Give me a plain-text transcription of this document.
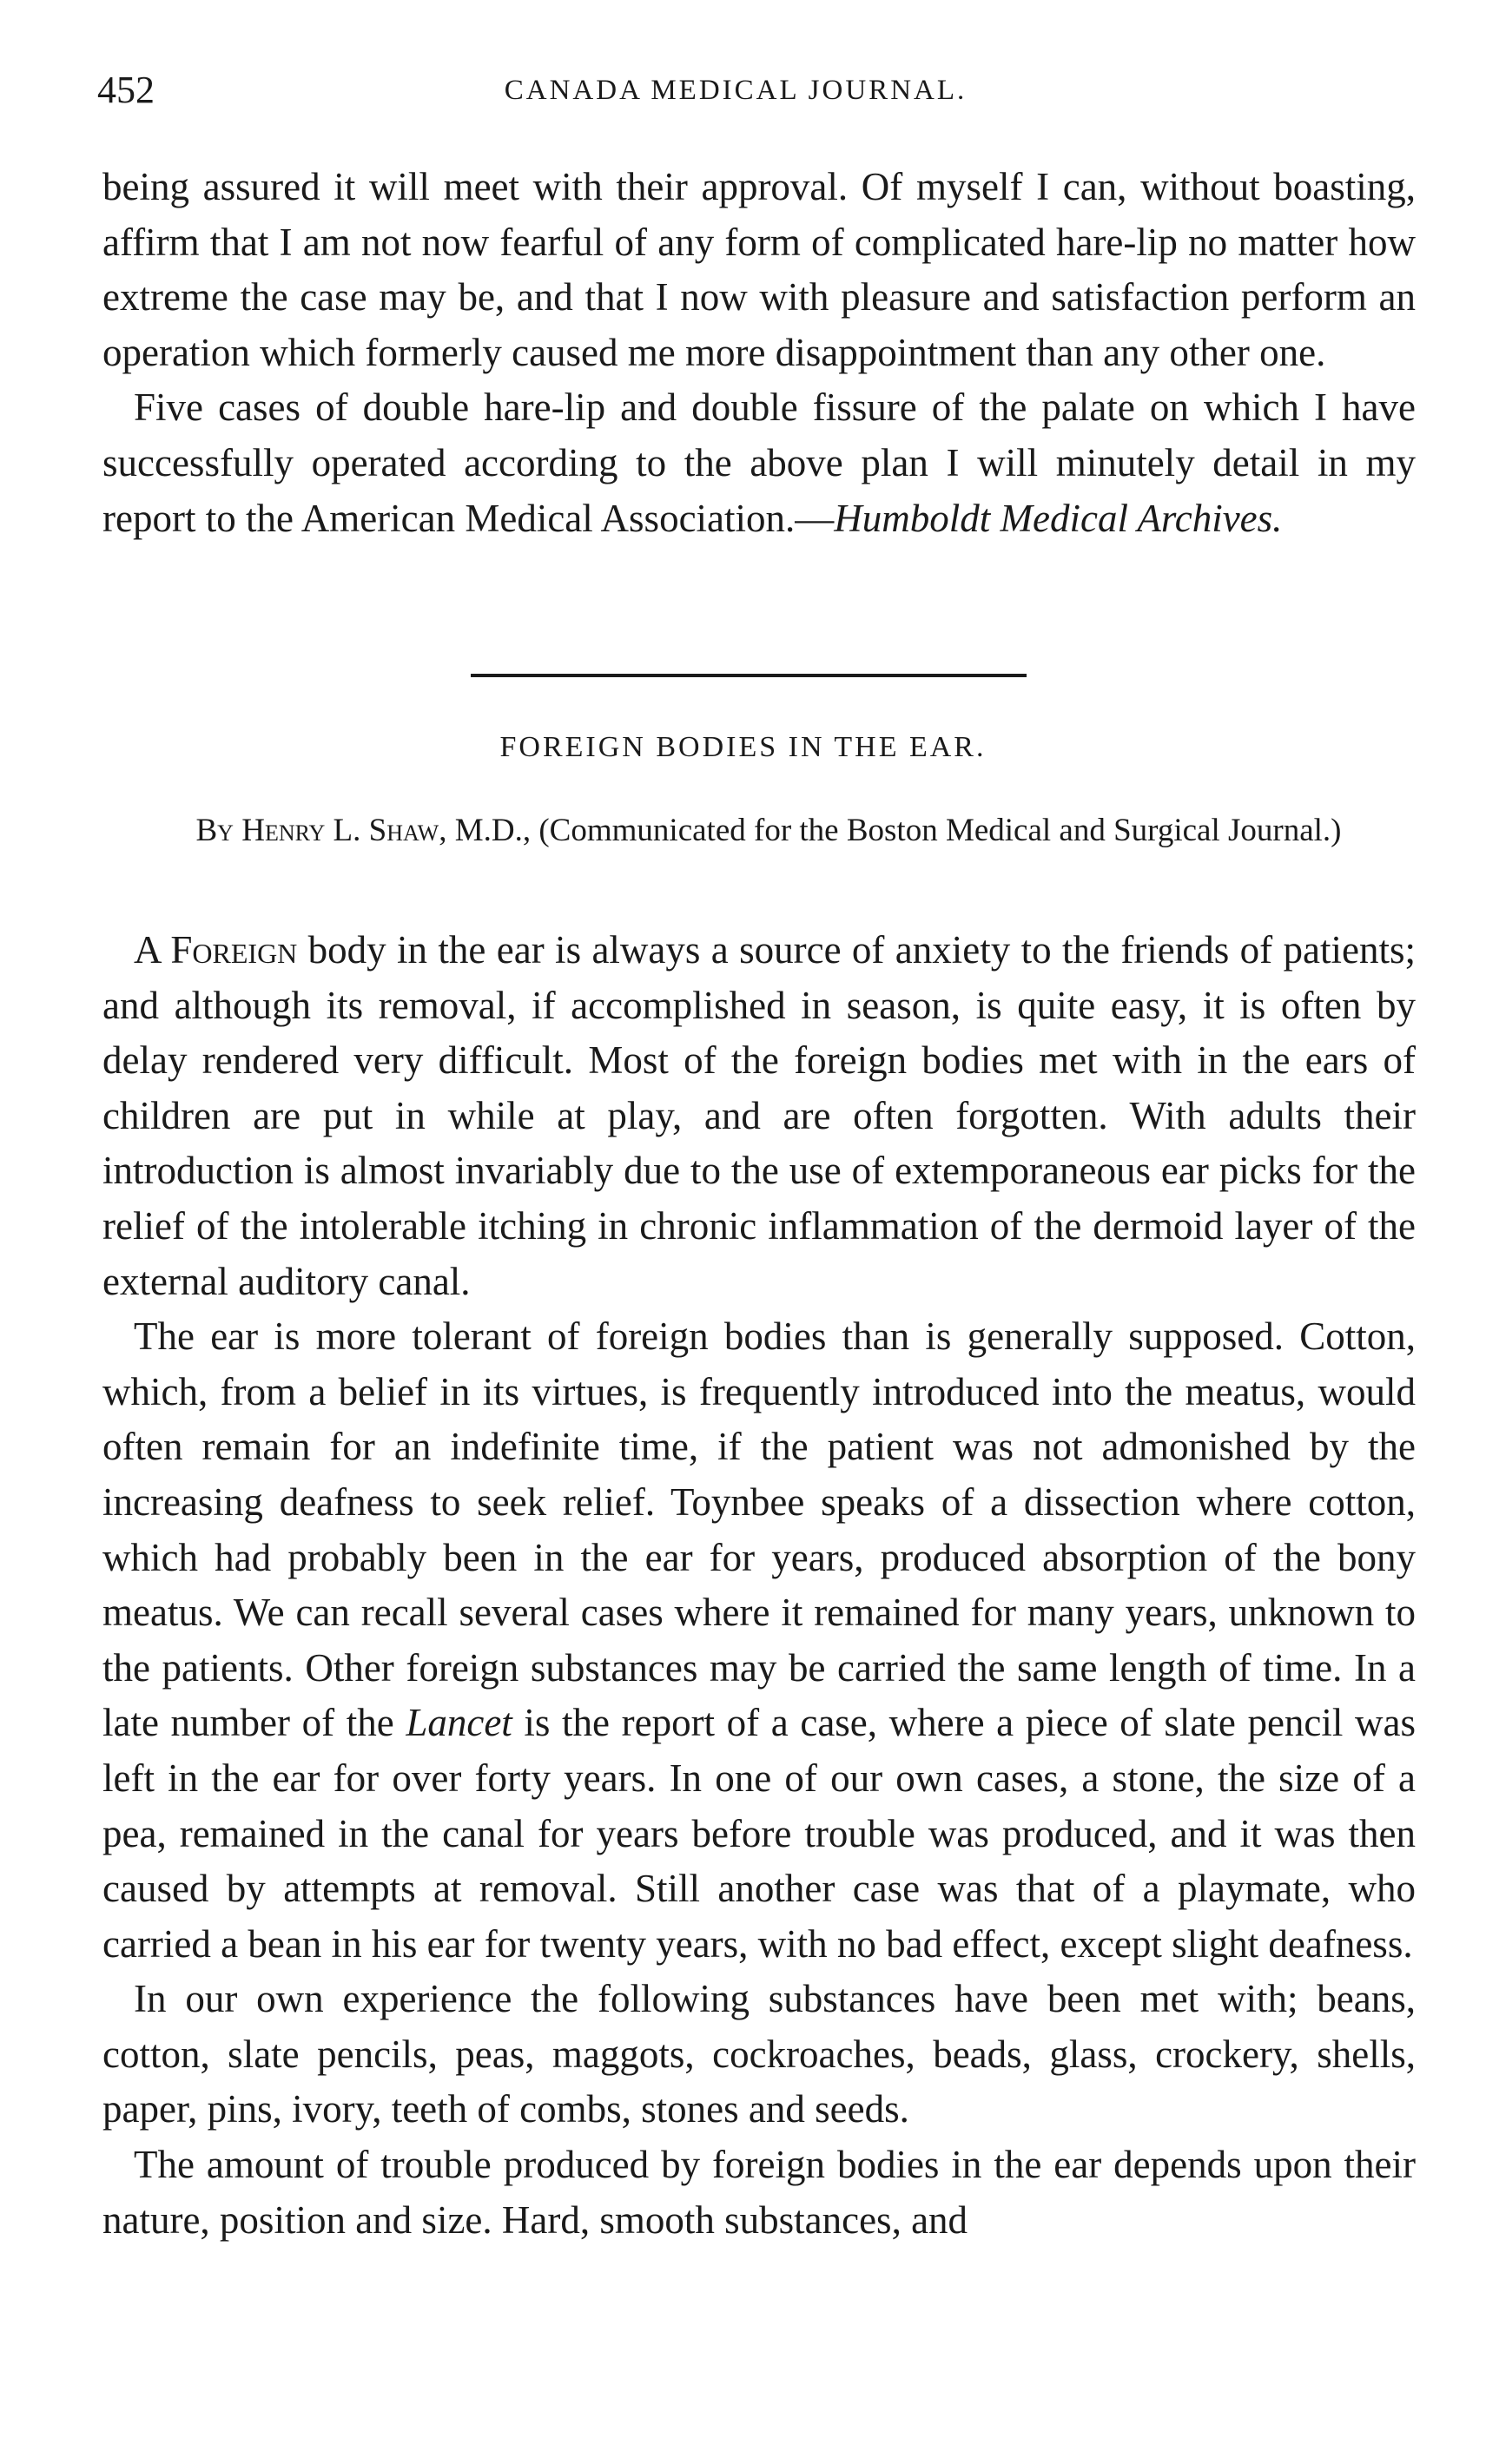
452	CANADA MEDICAL JOURNAL.

being assured it will meet with their approval. Of myself I can, without boasting, affirm that I am not now fearful of any form of complicated hare-lip no matter how extreme the case may be, and that I now with pleasure and satisfaction perform an operation which formerly caused me more disappointment than any other one.

Five cases of double hare-lip and double fissure of the palate on which I have successfully operated according to the above plan I will minutely detail in my report to the American Medical Association.—Humboldt Medical Archives.

FOREIGN BODIES IN THE EAR.
By Henry L. Shaw, M.D., (Communicated for the Boston Medical and Surgical Journal.)

A Foreign body in the ear is always a source of anxiety to the friends of patients; and although its removal, if accomplished in season, is quite easy, it is often by delay rendered very difficult. Most of the foreign bodies met with in the ears of children are put in while at play, and are often forgotten. With adults their introduction is almost invariably due to the use of extemporaneous ear picks for the relief of the intolerable itching in chronic inflammation of the dermoid layer of the external auditory canal.

The ear is more tolerant of foreign bodies than is generally supposed. Cotton, which, from a belief in its virtues, is frequently introduced into the meatus, would often remain for an indefinite time, if the patient was not admonished by the increasing deafness to seek relief. Toynbee speaks of a dissection where cotton, which had probably been in the ear for years, produced absorption of the bony meatus. We can recall several cases where it remained for many years, unknown to the patients. Other foreign substances may be carried the same length of time. In a late number of the Lancet is the report of a case, where a piece of slate pencil was left in the ear for over forty years. In one of our own cases, a stone, the size of a pea, remained in the canal for years before trouble was produced, and it was then caused by attempts at removal. Still another case was that of a playmate, who carried a bean in his ear for twenty years, with no bad effect, except slight deafness.

In our own experience the following substances have been met with; beans, cotton, slate pencils, peas, maggots, cockroaches, beads, glass, crockery, shells, paper, pins, ivory, teeth of combs, stones and seeds.

The amount of trouble produced by foreign bodies in the ear depends upon their nature, position and size. Hard, smooth substances, and
